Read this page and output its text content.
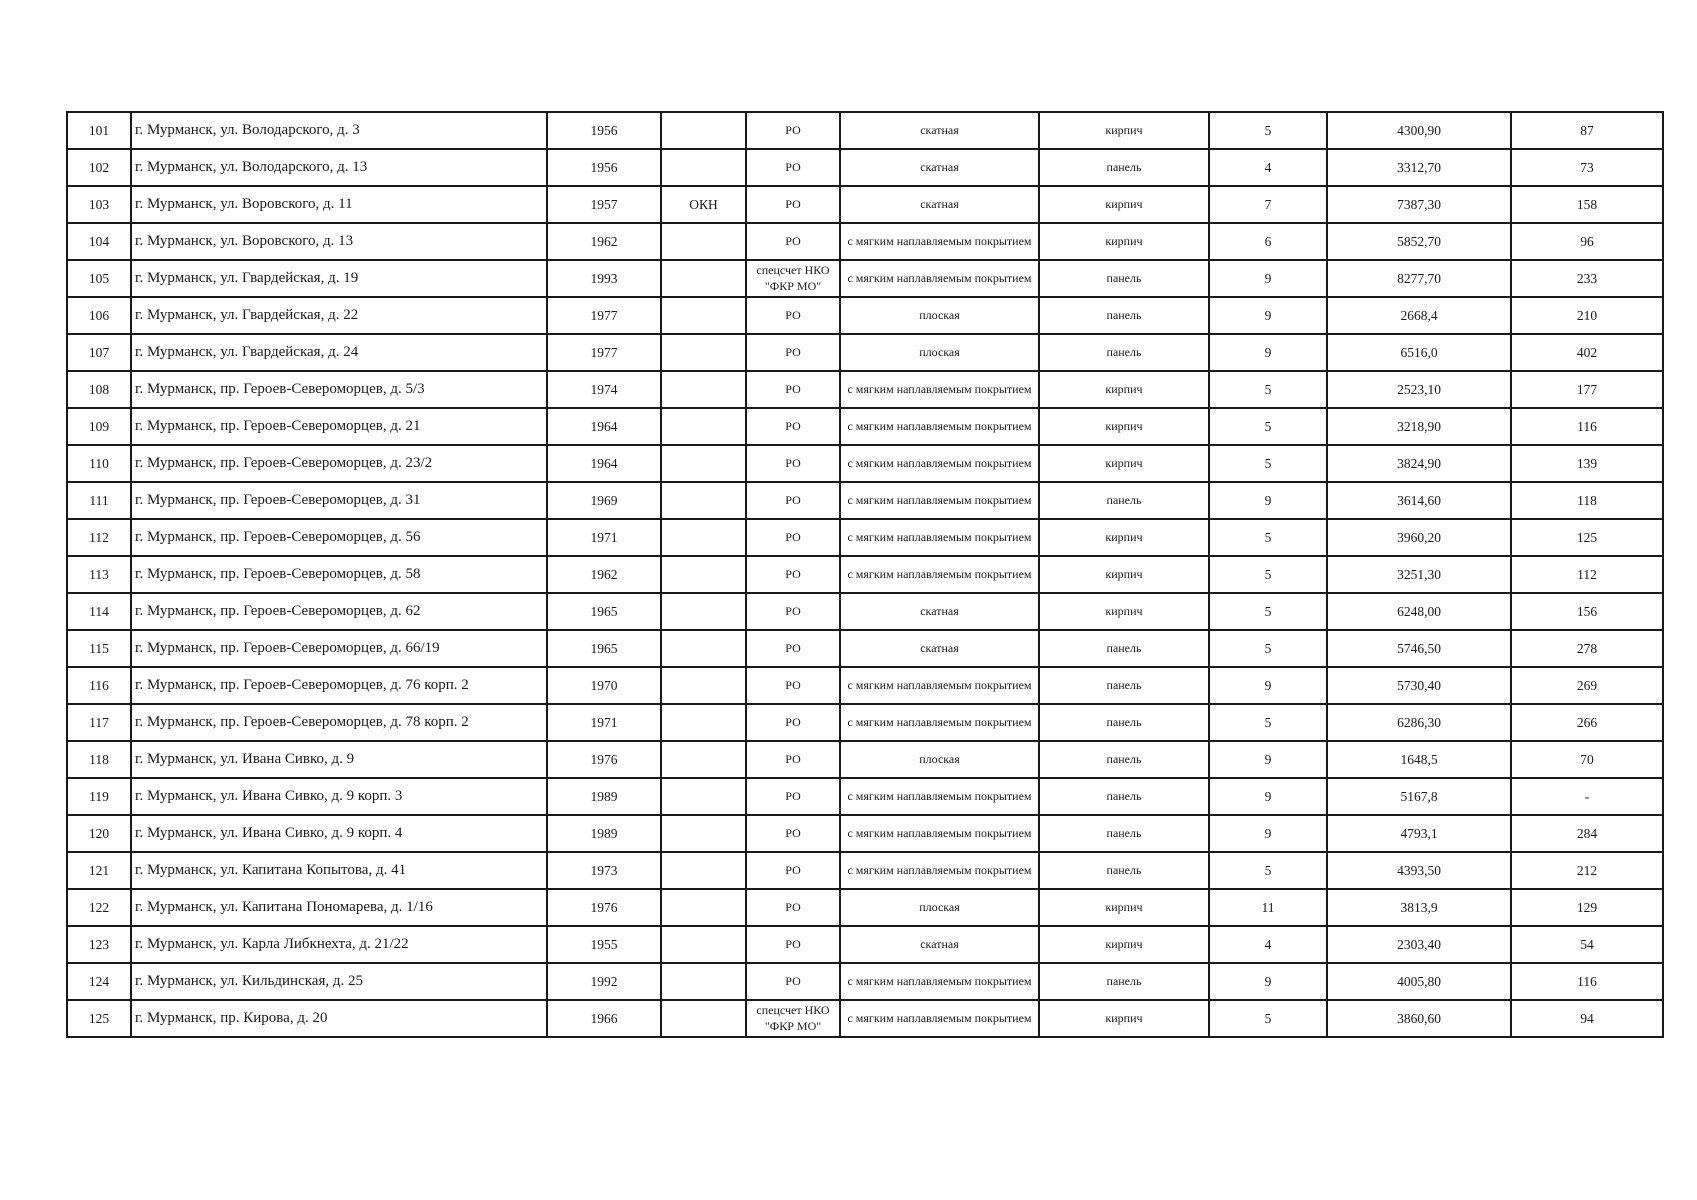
101	г. Мурманск, ул. Володарского, д. 3	1956		РО	скатная	кирпич	5	4300,90	87
102	г. Мурманск, ул. Володарского, д. 13	1956		РО	скатная	панель	4	3312,70	73
103	г. Мурманск, ул. Воровского, д. 11	1957	ОКН	РО	скатная	кирпич	7	7387,30	158
104	г. Мурманск, ул. Воровского, д. 13	1962		РО	с мягким наплавляемым покрытием	кирпич	6	5852,70	96
105	г. Мурманск, ул. Гвардейская, д. 19	1993		спецсчет НКО "ФКР МО"	с мягким наплавляемым покрытием	панель	9	8277,70	233
106	г. Мурманск, ул. Гвардейская, д. 22	1977		РО	плоская	панель	9	2668,4	210
107	г. Мурманск, ул. Гвардейская, д. 24	1977		РО	плоская	панель	9	6516,0	402
108	г. Мурманск, пр. Героев-Североморцев, д. 5/3	1974		РО	с мягким наплавляемым покрытием	кирпич	5	2523,10	177
109	г. Мурманск, пр. Героев-Североморцев, д. 21	1964		РО	с мягким наплавляемым покрытием	кирпич	5	3218,90	116
110	г. Мурманск, пр. Героев-Североморцев, д. 23/2	1964		РО	с мягким наплавляемым покрытием	кирпич	5	3824,90	139
111	г. Мурманск, пр. Героев-Североморцев, д. 31	1969		РО	с мягким наплавляемым покрытием	панель	9	3614,60	118
112	г. Мурманск, пр. Героев-Североморцев, д. 56	1971		РО	с мягким наплавляемым покрытием	кирпич	5	3960,20	125
113	г. Мурманск, пр. Героев-Североморцев, д. 58	1962		РО	с мягким наплавляемым покрытием	кирпич	5	3251,30	112
114	г. Мурманск, пр. Героев-Североморцев, д. 62	1965		РО	скатная	кирпич	5	6248,00	156
115	г. Мурманск, пр. Героев-Североморцев, д. 66/19	1965		РО	скатная	панель	5	5746,50	278
116	г. Мурманск, пр. Героев-Североморцев, д. 76 корп. 2	1970		РО	с мягким наплавляемым покрытием	панель	9	5730,40	269
117	г. Мурманск, пр. Героев-Североморцев, д. 78 корп. 2	1971		РО	с мягким наплавляемым покрытием	панель	5	6286,30	266
118	г. Мурманск, ул. Ивана Сивко, д. 9	1976		РО	плоская	панель	9	1648,5	70
119	г. Мурманск, ул. Ивана Сивко, д. 9 корп. 3	1989		РО	с мягким наплавляемым покрытием	панель	9	5167,8	-
120	г. Мурманск, ул. Ивана Сивко, д. 9 корп. 4	1989		РО	с мягким наплавляемым покрытием	панель	9	4793,1	284
121	г. Мурманск, ул. Капитана Копытова, д. 41	1973		РО	с мягким наплавляемым покрытием	панель	5	4393,50	212
122	г. Мурманск, ул. Капитана Пономарева, д. 1/16	1976		РО	плоская	кирпич	11	3813,9	129
123	г. Мурманск, ул. Карла Либкнехта, д. 21/22	1955		РО	скатная	кирпич	4	2303,40	54
124	г. Мурманск, ул. Кильдинская, д. 25	1992		РО	с мягким наплавляемым покрытием	панель	9	4005,80	116
125	г. Мурманск, пр. Кирова, д. 20	1966		спецсчет НКО "ФКР МО"	с мягким наплавляемым покрытием	кирпич	5	3860,60	94
